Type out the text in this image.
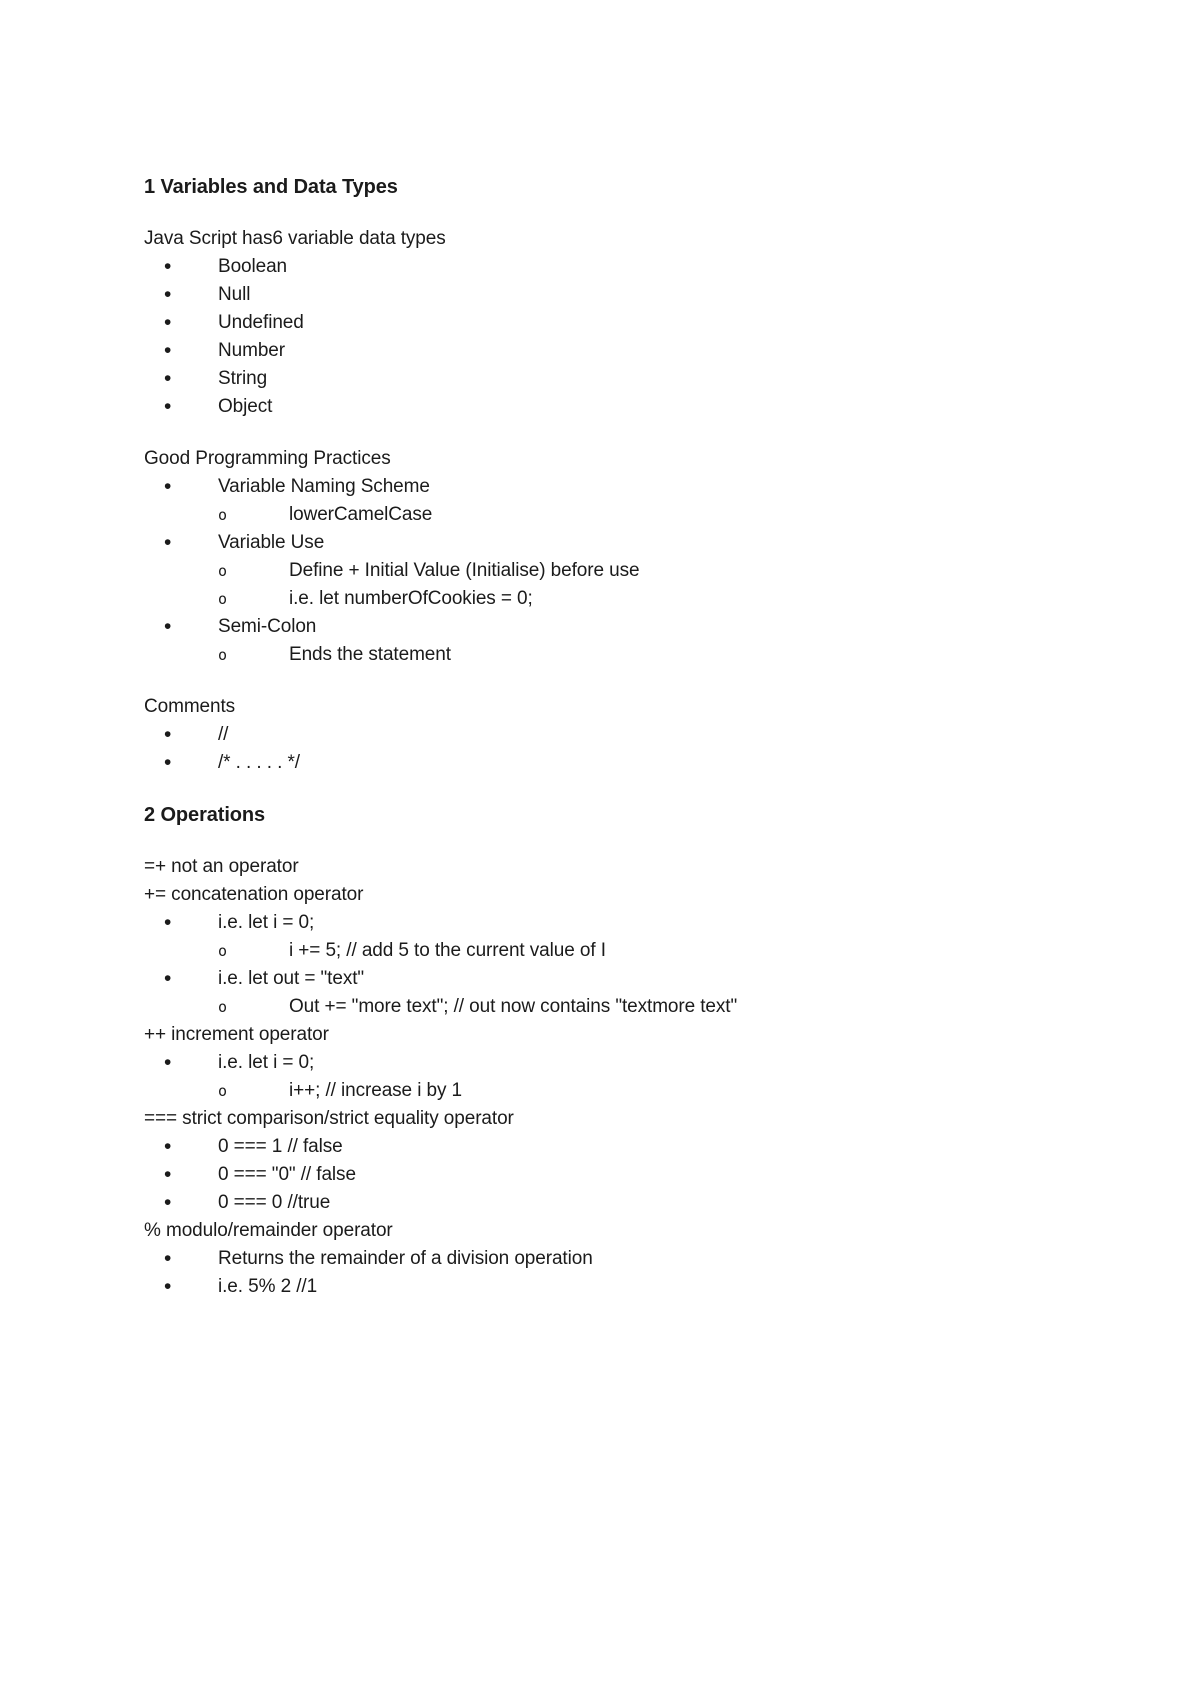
1 Variables and Data Types
Java Script has6 variable data types
• Boolean
• Null
• Undefined
• Number
• String
• Object
Good Programming Practices
• Variable Naming Scheme
o	lowerCamelCase
• Variable Use
o	Define + Initial Value (Initialise) before use
o	i.e. let numberOfCookies = 0;
• Semi-Colon
o	Ends the statement
Comments
• //
• /* . . . . . */
2 Operations
=+ not an operator
+= concatenation operator
• i.e. let i = 0;
o	i += 5; // add 5 to the current value of I
• i.e. let out = "text"
o	Out += "more text"; // out now contains "textmore text"
++ increment operator
• i.e. let i = 0;
o	i++; // increase i by 1
=== strict comparison/strict equality operator
• 0 === 1 // false
• 0 === "0" // false
• 0 === 0 //true
% modulo/remainder operator
• Returns the remainder of a division operation
• i.e. 5% 2 //1
